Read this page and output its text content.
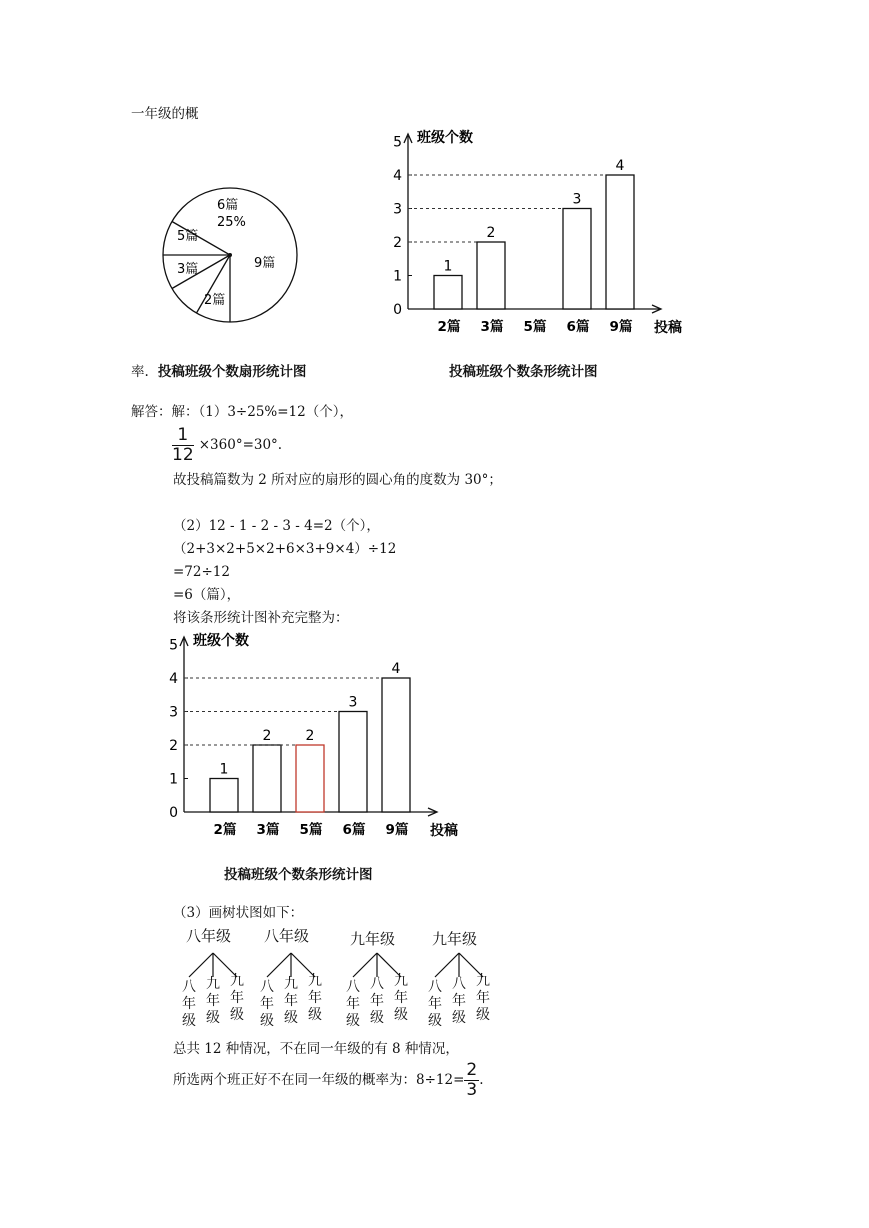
一年级的概
6篇
25%
9篇
2篇
3篇
5篇
率. 投稿班级个数扇形统计图
0
1
2
3
4
5 班级个数
投稿
2篇
1
3篇
2
5篇 6篇
3
9篇
4
投稿班级个数条形统计图
解答：解：（1）3÷25%=12（个），
$\frac{1}{12} \times 360^\circ=30^\circ$.
故投稿篇数为 2 所对应的扇形的圆心角的度数为 30°；
（2）12 - 1 - 2 - 3 - 4=2（个），
（2+3×2+5×2+6×3+9×4）÷12
=72÷12
=6（篇），
将该条形统计图补充完整为：
0
1
2
3
4
5 班级个数
投稿
2篇
1
3篇
2
5篇
2
6篇
3
9篇
4
投稿班级个数条形统计图
（3）画树状图如下：
八年级
八年级
九年级
九年级
八年级
八年级
九年级
九年级
九年级
八年级
八年级
九年级
九年级
八年级
八年级
九年级
总共 12 种情况，不在同一年级的有 8 种情况，
所选两个班正好不在同一年级的概率为：$8\div 12= \frac{2}{3}$ .
